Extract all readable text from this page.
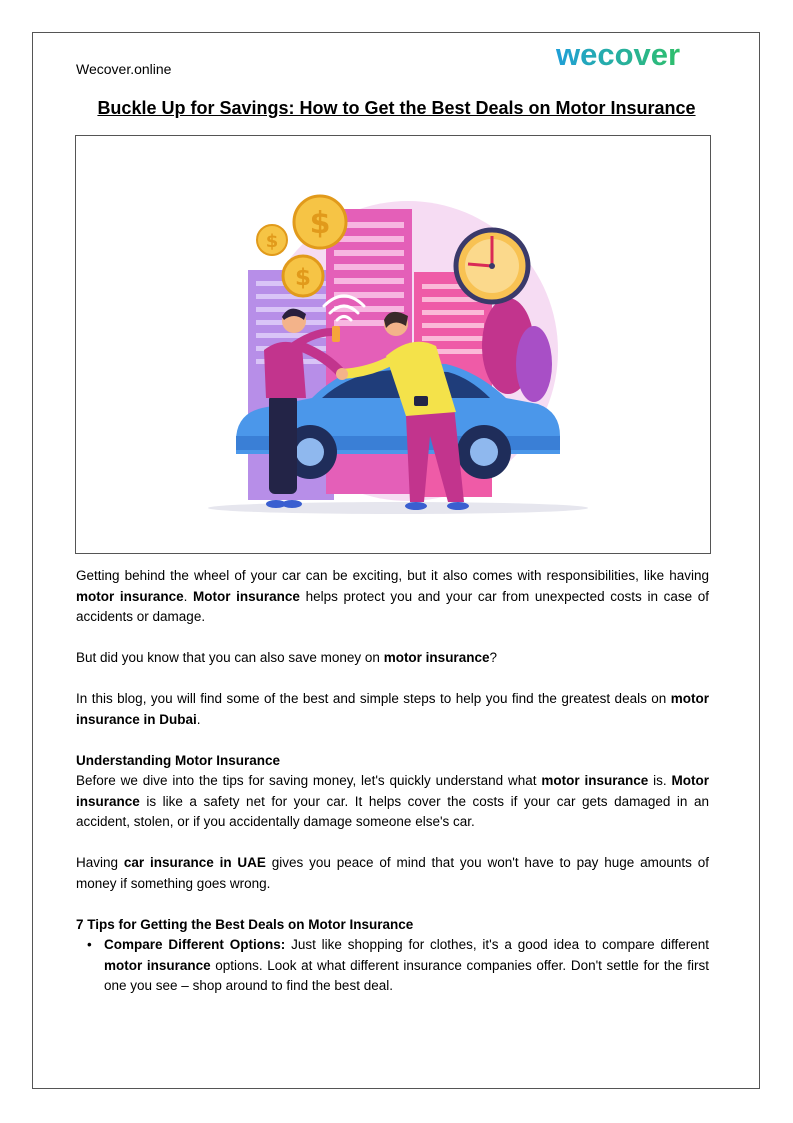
Wecover.online	wecover
Buckle Up for Savings: How to Get the Best Deals on Motor Insurance
$
$
$

Getting behind the wheel of your car can be exciting, but it also comes with responsibilities, like having motor insurance. Motor insurance helps protect you and your car from unexpected costs in case of accidents or damage.

But did you know that you can also save money on motor insurance?

In this blog, you will find some of the best and simple steps to help you find the greatest deals on motor insurance in Dubai.

Understanding Motor Insurance

Before we dive into the tips for saving money, let's quickly understand what motor insurance is. Motor insurance is like a safety net for your car. It helps cover the costs if your car gets damaged in an accident, stolen, or if you accidentally damage someone else's car.

Having car insurance in UAE gives you peace of mind that you won't have to pay huge amounts of money if something goes wrong.

7 Tips for Getting the Best Deals on Motor Insurance
• Compare Different Options: Just like shopping for clothes, it's a good idea to compare different motor insurance options. Look at what different insurance companies offer. Don't settle for the first one you see – shop around to find the best deal.
